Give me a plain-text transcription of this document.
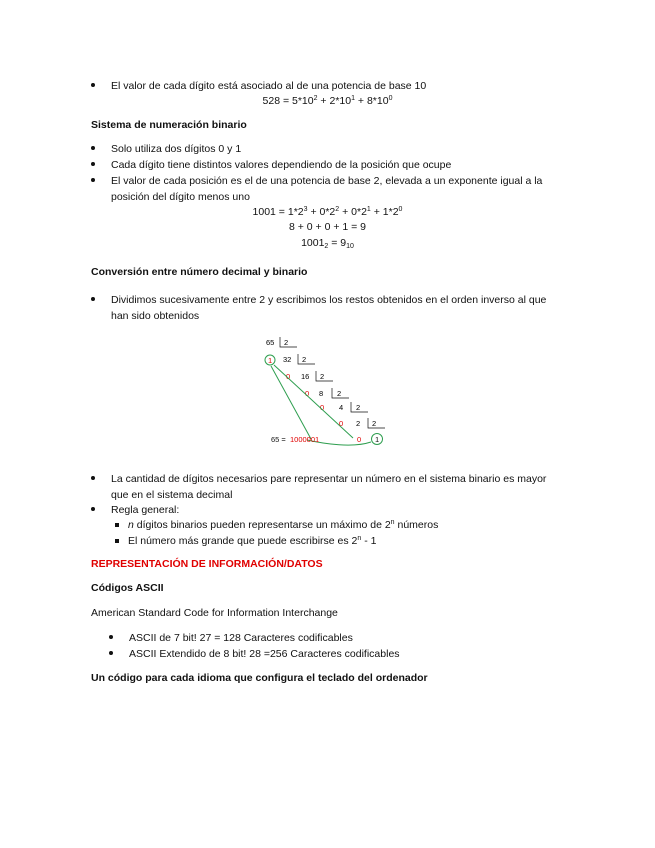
El valor de cada dígito está asociado al de una potencia de base 10
$528 = 5*10^2 + 2*10^1 + 8*10^0$
Sistema de numeración binario
Solo utiliza dos dígitos 0 y 1
Cada dígito tiene distintos valores dependiendo de la posición que ocupe
El valor de cada posición es el de una potencia de base 2, elevada a un exponente igual a la
posición del dígito menos uno
$1001 = 1*2^3 + 0*2^2 + 0*2^1 + 1*2^0$
8 + 0 + 0 + 1 = 9
$1001_2 = 9_{10}$
Conversión entre número decimal y binario
Dividimos sucesivamente entre 2 y escribimos los restos obtenidos en el orden inverso al que
han sido obtenidos
65
32
16
8
4
2
2
2
2
2
2
2
1
0
0
0
0
0 1
65 = 1000001
La cantidad de dígitos necesarios pare representar un número en el sistema binario es mayor
que en el sistema decimal
Regla general:
n dígitos binarios pueden representarse un máximo de 2$^n$ números
El número más grande que puede escribirse es 2$^n$ - 1
REPRESENTACIÓN DE INFORMACIÓN/DATOS
Códigos ASCII
American Standard Code for Information Interchange
ASCII de 7 bit! 27 = 128 Caracteres codificables
ASCII Extendido de 8 bit! 28 =256 Caracteres codificables
Un código para cada idioma que configura el teclado del ordenador
